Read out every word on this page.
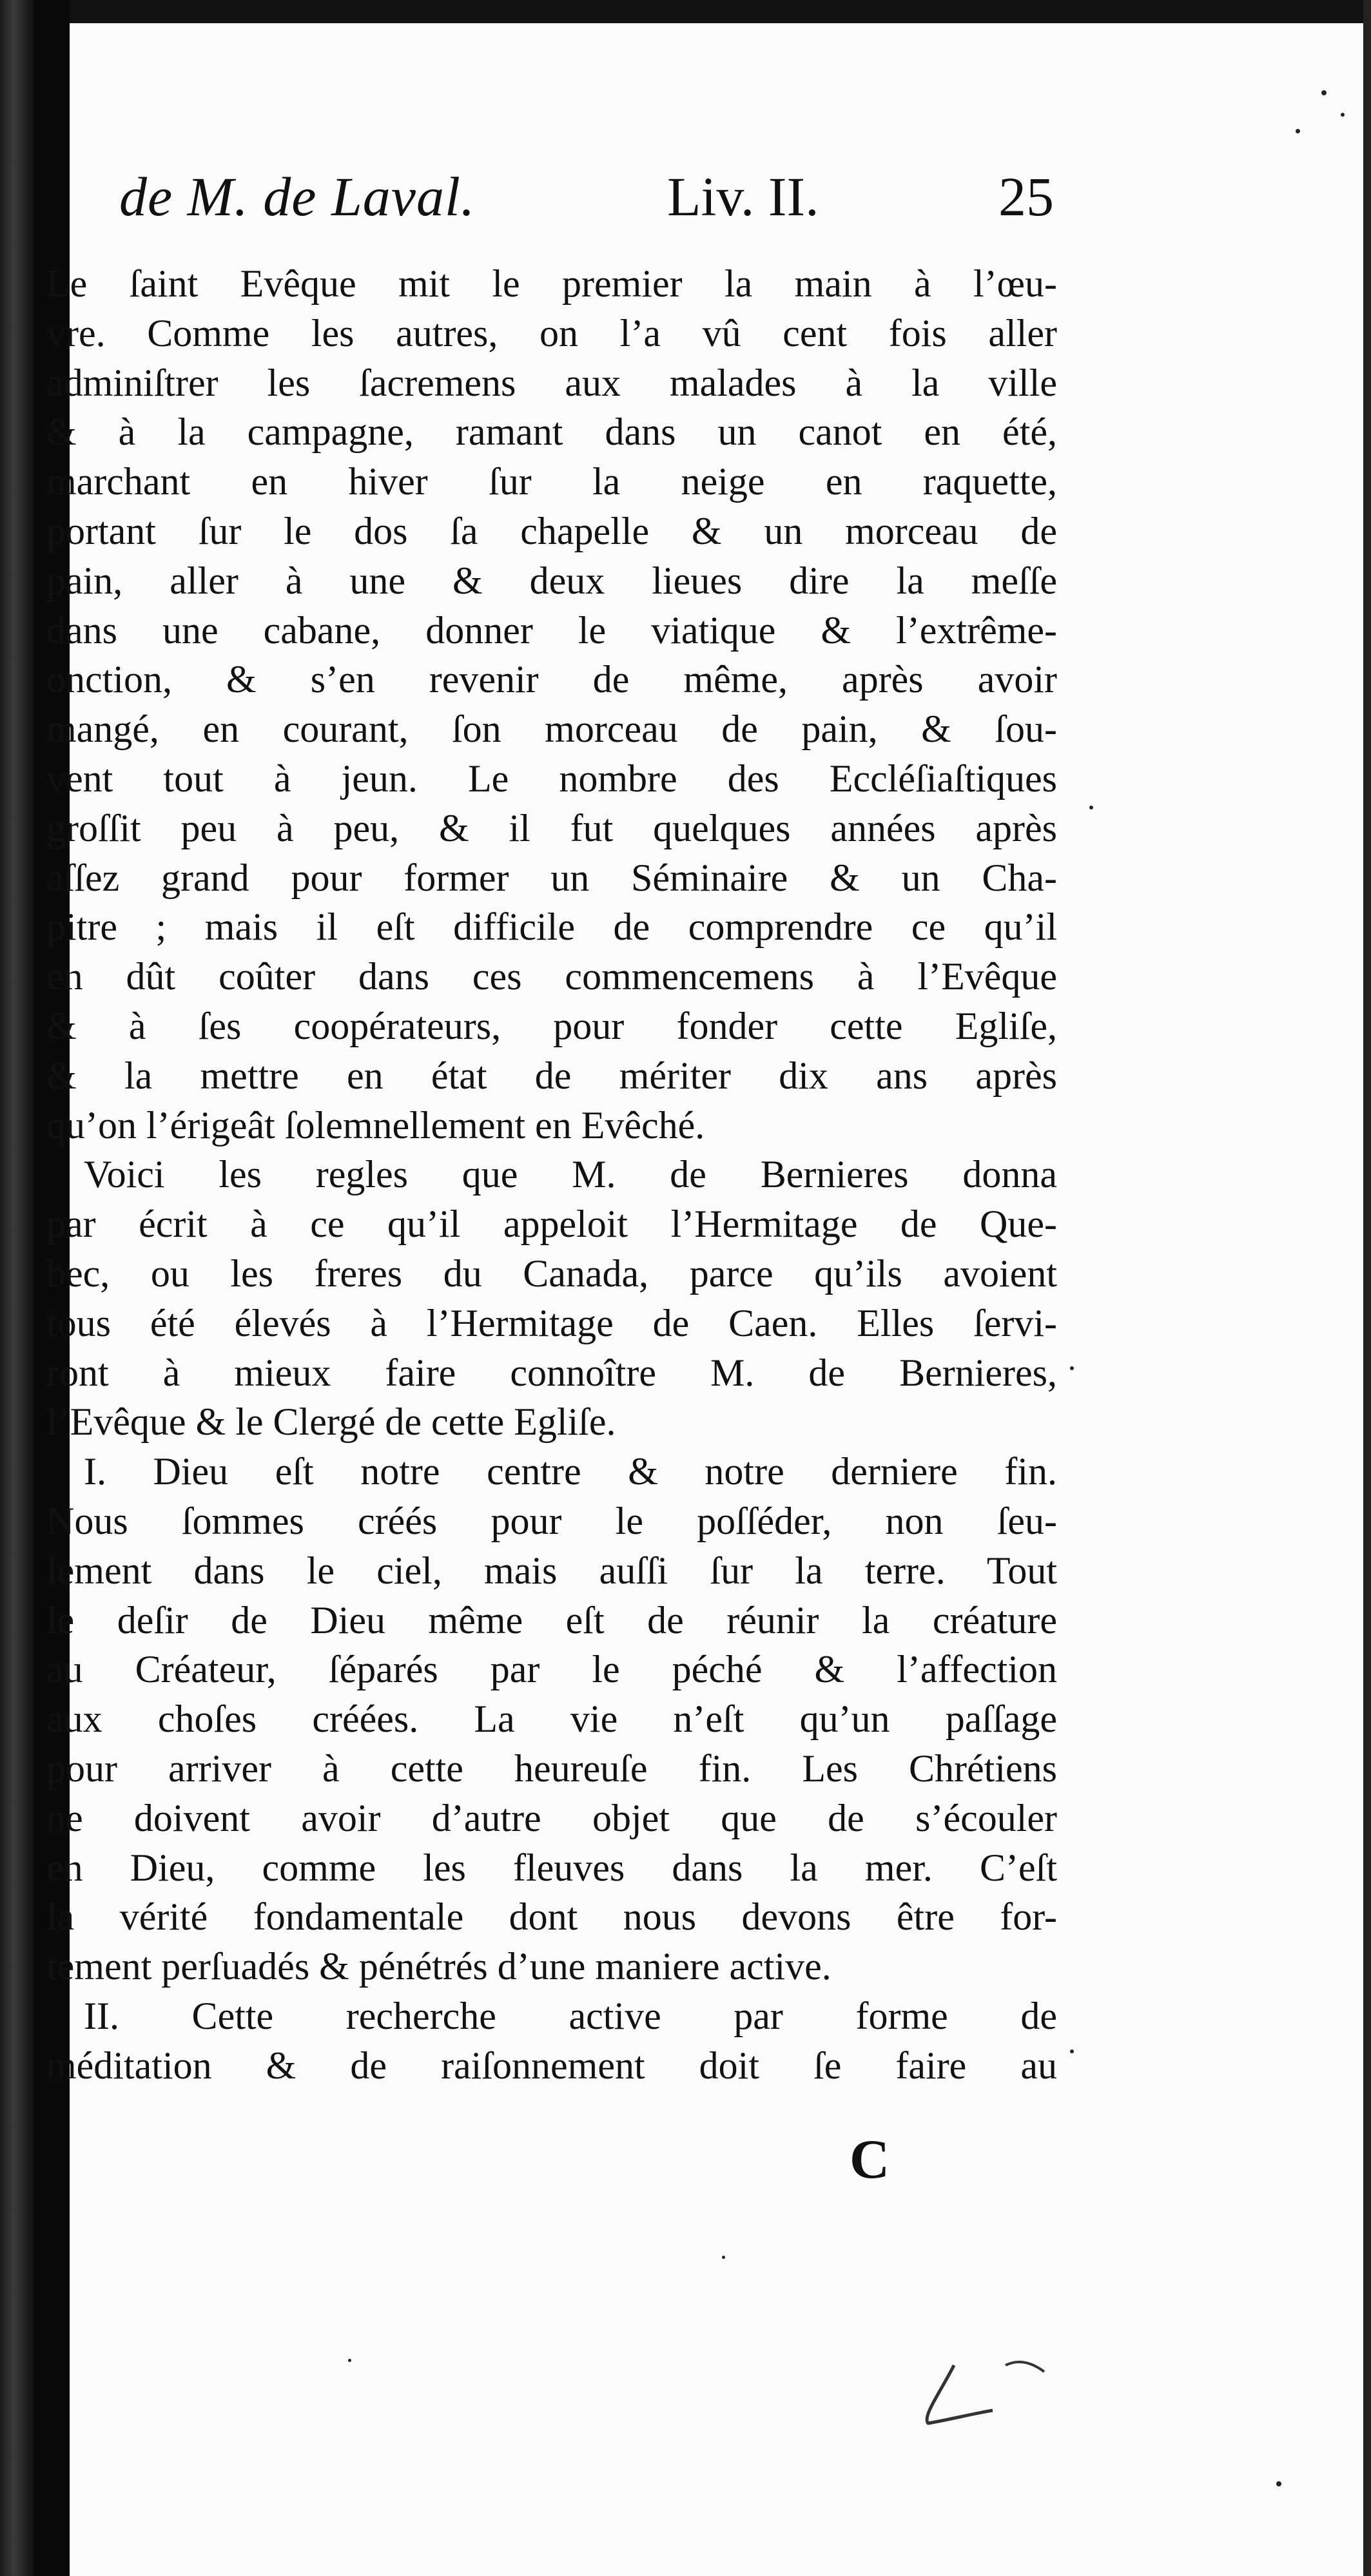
de M. de Laval.	Liv. II.	25
Le ſaint Evêque mit le premier la main à l’œu-
vre. Comme les autres, on l’a vû cent fois aller
adminiſtrer les ſacremens aux malades à la ville
& à la campagne, ramant dans un canot en été,
marchant en hiver ſur la neige en raquette,
portant ſur le dos ſa chapelle & un morceau de
pain, aller à une & deux lieues dire la meſſe
dans une cabane, donner le viatique & l’extrême-
onction, & s’en revenir de même, après avoir
mangé, en courant, ſon morceau de pain, & ſou-
vent tout à jeun. Le nombre des Eccléſiaſtiques
groſſit peu à peu, & il fut quelques années après
aſſez grand pour former un Séminaire & un Cha-
pitre ; mais il eſt difficile de comprendre ce qu’il
en dût coûter dans ces commencemens à l’Evêque
& à ſes coopérateurs, pour fonder cette Egliſe,
& la mettre en état de mériter dix ans après
qu’on l’érigeât ſolemnellement en Evêché.
Voici les regles que M. de Bernieres donna
par écrit à ce qu’il appeloit l’Hermitage de Que-
bec, ou les freres du Canada, parce qu’ils avoient
tous été élevés à l’Hermitage de Caen. Elles ſervi-
ront à mieux faire connoître M. de Bernieres,
l’Evêque & le Clergé de cette Egliſe.
I. Dieu eſt notre centre & notre derniere fin.
Nous ſommes créés pour le poſſéder, non ſeu-
lement dans le ciel, mais auſſi ſur la terre. Tout
le deſir de Dieu même eſt de réunir la créature
au Créateur, ſéparés par le péché & l’affection
aux choſes créées. La vie n’eſt qu’un paſſage
pour arriver à cette heureuſe fin. Les Chrétiens
ne doivent avoir d’autre objet que de s’écouler
en Dieu, comme les fleuves dans la mer. C’eſt
la vérité fondamentale dont nous devons être for-
tement perſuadés & pénétrés d’une maniere active.
II. Cette recherche active par forme de
méditation & de raiſonnement doit ſe faire au
C
